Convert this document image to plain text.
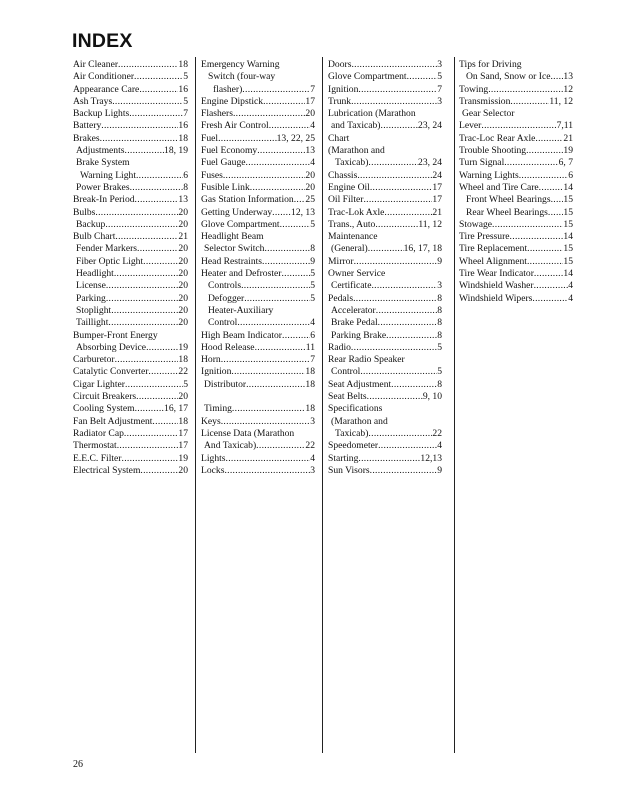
INDEX
Air Cleaner .....	18
Air Conditioner .....	5
Appearance Care .....	16
Ash Trays .....	5
Backup Lights .....	7
Battery .....	16
Brakes .....	18
Adjustments .....	18, 19
Brake System
Warning Light .....	6
Power Brakes .....	8
Break-In Period .....	13
Bulbs .....	20
Backup .....	20
Bulb Chart .....	21
Fender Markers .....	20
Fiber Optic Light .....	20
Headlight .....	20
License .....	20
Parking .....	20
Stoplight .....	20
Taillight .....	20
Bumper-Front Energy
Absorbing Device .....	19
Carburetor .....	18
Catalytic Converter .....	22
Cigar Lighter .....	5
Circuit Breakers .....	20
Cooling System .....	16, 17
Fan Belt Adjustment .....	18
Radiator Cap .....	17
Thermostat .....	17
E.E.C. Filter .....	19
Electrical System .....	20
Emergency Warning
Switch (four-way
flasher) .....	7
Engine Dipstick .....	17
Flashers .....	20
Fresh Air Control .....	4
Fuel .....	13, 22, 25
Fuel Economy .....	13
Fuel Gauge .....	4
Fuses .....	20
Fusible Link .....	20
Gas Station Information ..... 25
Getting Underway ..... 12, 13
Glove Compartment .....	5
Headlight Beam
Selector Switch .....	8
Head Restraints .....	9
Heater and Defroster .....	5
Controls .....	5
Defogger .....	5
Heater-Auxiliary
Control .....	4
High Beam Indicator .....	6
Hood Release .....	11
Horn .....	7
Ignition .....	18
Distributor .....	18
Timing .....	18
Keys .....	3
License Data (Marathon
And Taxicab) .....	22
Lights .....	4
Locks .....	3
Doors .....	3
Glove Compartment .....	5
Ignition .....	7
Trunk .....	3
Lubrication (Marathon
and Taxicab) .....	23, 24
Chart
(Marathon and
Taxicab) .....	23, 24
Chassis .....	24
Engine Oil .....	17
Oil Filter .....	17
Trac-Lok Axle .....	21
Trans., Auto .....	11, 12
Maintenance
(General) .....	16, 17, 18
Mirror .....	9
Owner Service
Certificate .....	3
Pedals .....	8
Accelerator .....	8
Brake Pedal .....	8
Parking Brake .....	8
Radio .....	5
Rear Radio Speaker
Control .....	5
Seat Adjustment .....	8
Seat Belts .....	9, 10
Specifications
(Marathon and
Taxicab) .....	22
Speedometer .....	4
Starting .....	12,13
Sun Visors .....	9
Tips for Driving
On Sand, Snow or Ice ..... 13
Towing .....	12
Transmission .....	11, 12
Gear Selector
Lever .....	7,11
Trac-Loc Rear Axle .....	21
Trouble Shooting .....	19
Turn Signal .....	6, 7
Warning Lights .....	6
Wheel and Tire Care .....	14
Front Wheel Bearings ..... 15
Rear Wheel Bearings ..... 15
Stowage .....	15
Tire Pressure .....	14
Tire Replacement .....	15
Wheel Alignment .....	15
Tire Wear Indicator .....	14
Windshield Washer .....	4
Windshield Wipers .....	4
26
